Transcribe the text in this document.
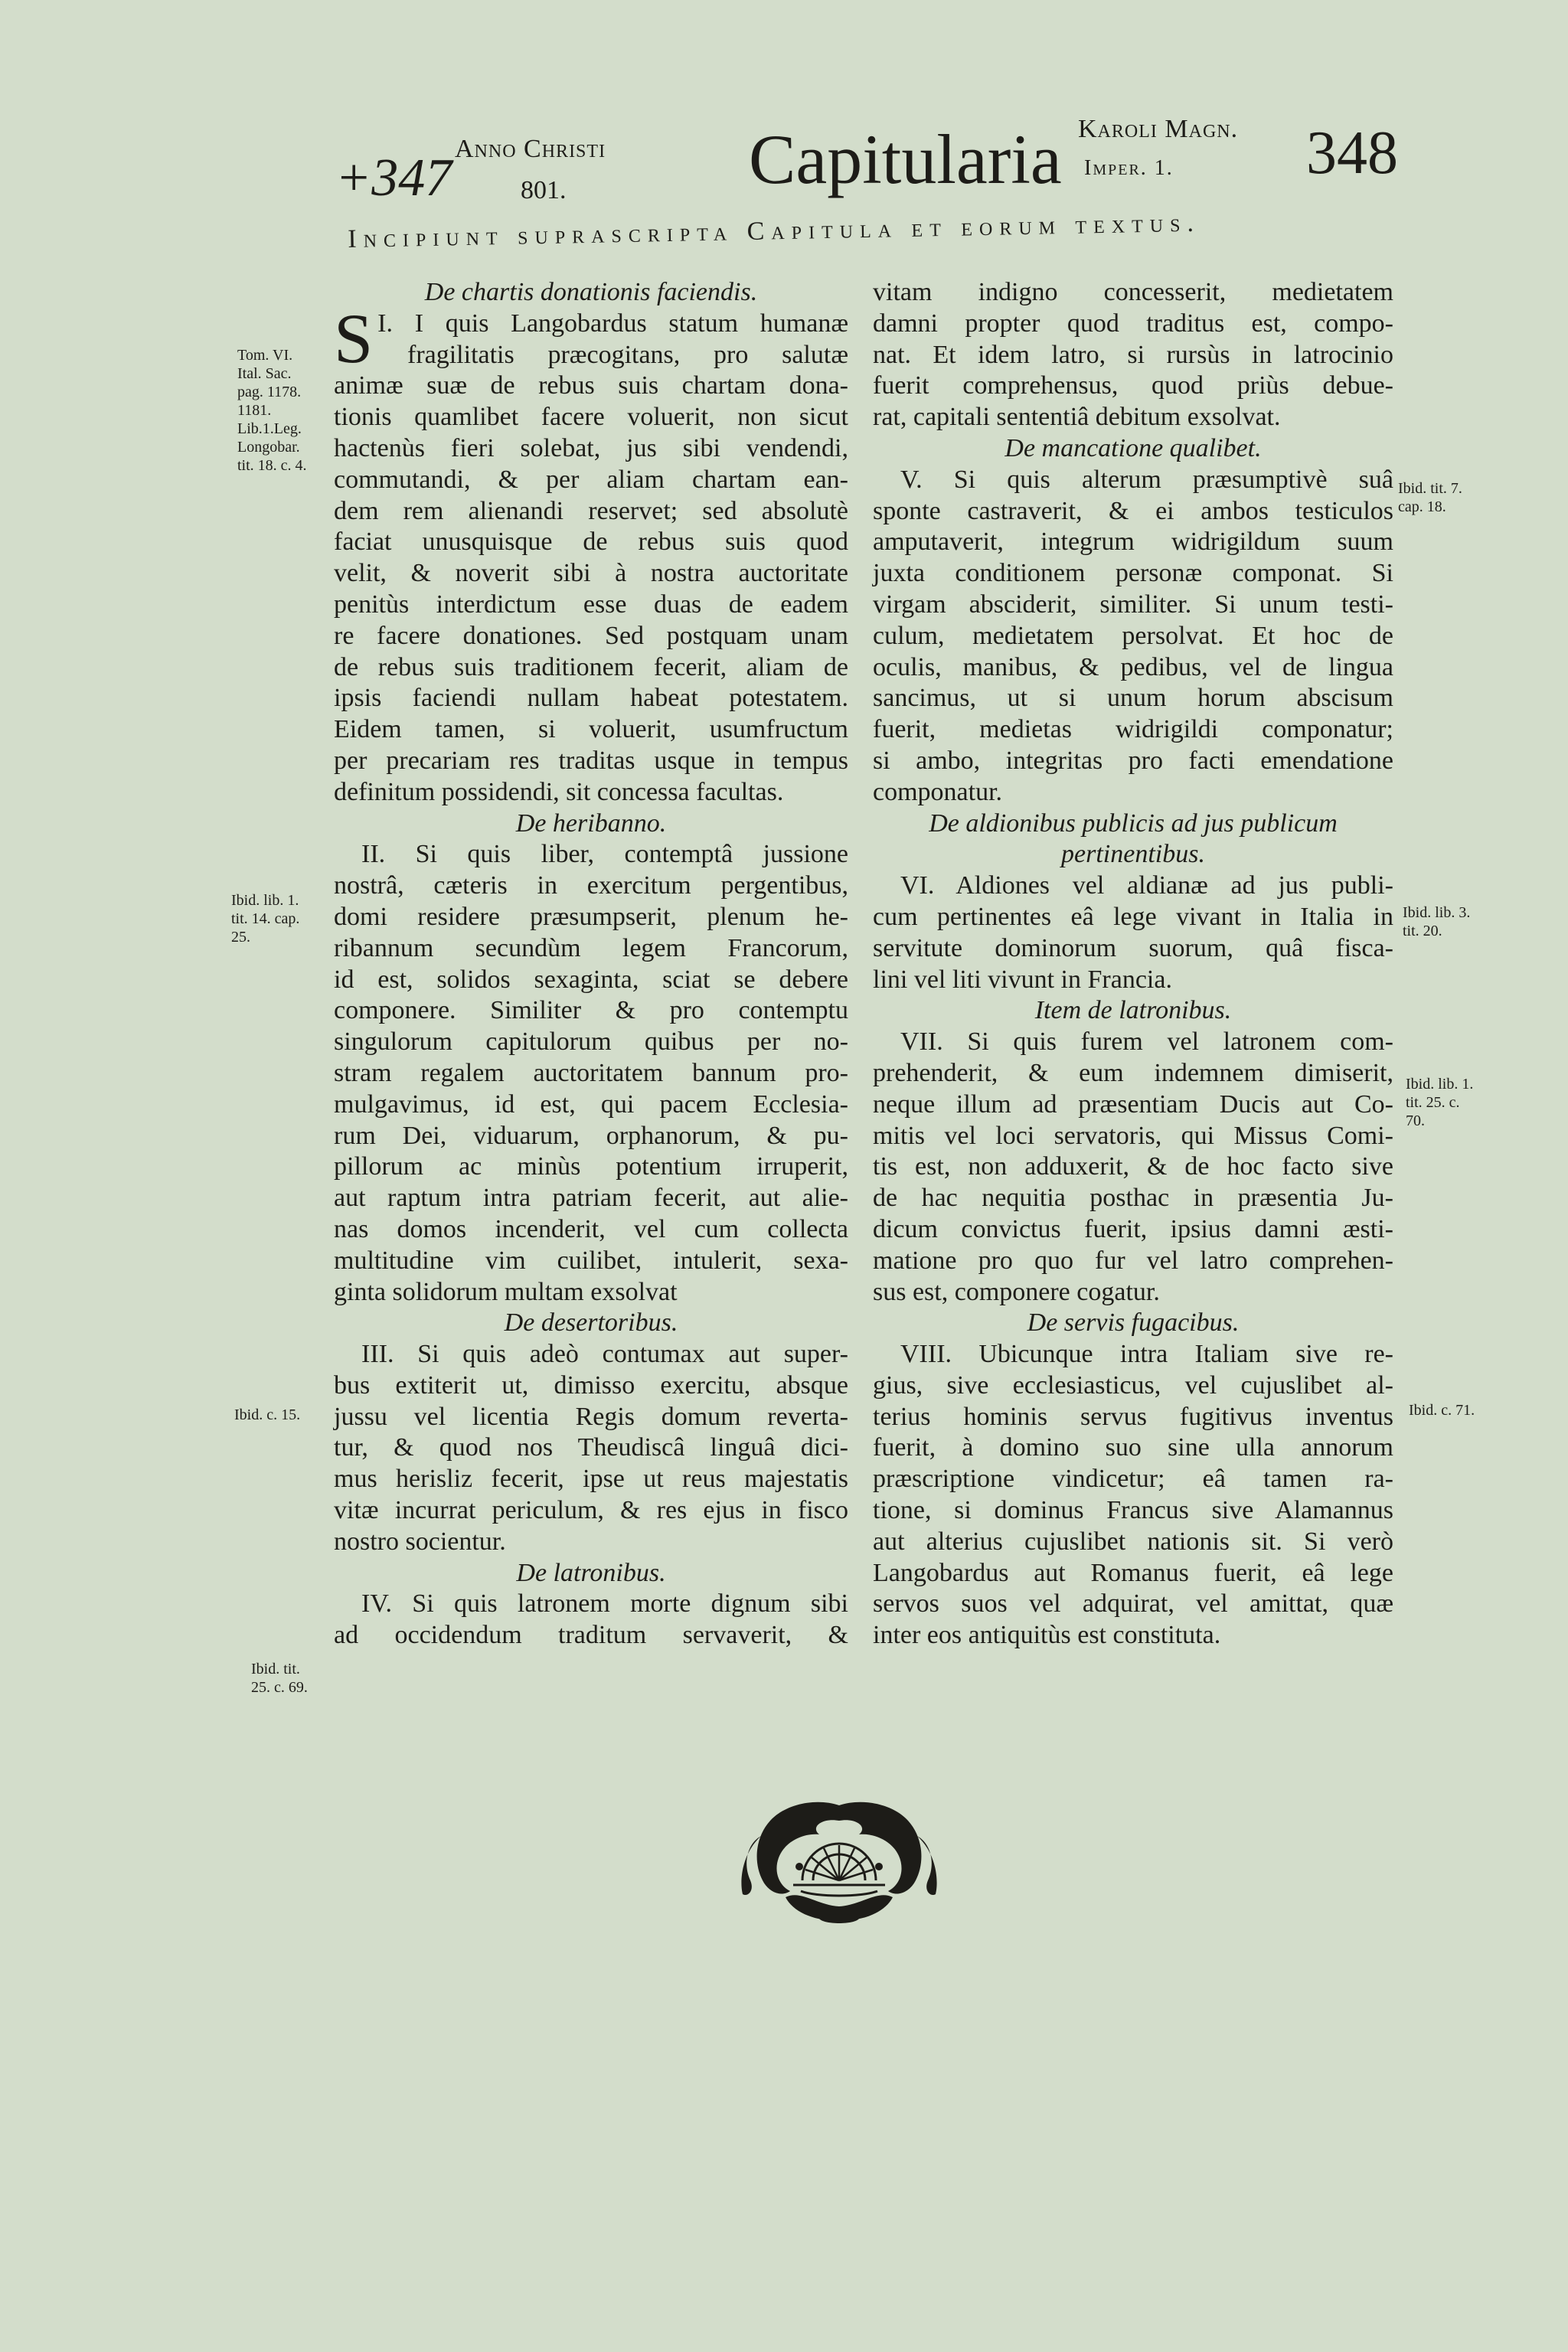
+347 Anno Christi
801.	Capitularia Karoli Magn.
Imper. 1. 348
Incipiunt suprascripta Capitula et eorum textus.
Tom. VI.
Ital. Sac.
pag. 1178.
1181.
Lib.1.Leg.
Longobar.
tit. 18. c. 4.
Ibid. lib. 1.
tit. 14. cap.
25.
Ibid. c. 15.
Ibid. tit.
25. c. 69.
Ibid. tit. 7.
cap. 18.
Ibid. lib. 3.
tit. 20.
Ibid. lib. 1.
tit. 25. c.
70.
Ibid. c. 71.

De chartis donationis faciendis.

I.
S I quis Langobardus statum humanæ
fragilitatis præcogitans, pro salutæ
animæ suæ de rebus suis chartam dona-
tionis quamlibet facere voluerit, non sicut
hactenùs fieri solebat, jus sibi vendendi,
commutandi, & per aliam chartam ean-
dem rem alienandi reservet; sed absolutè
faciat unusquisque de rebus suis quod
velit, & noverit sibi à nostra auctoritate
penitùs interdictum esse duas de eadem
re facere donationes. Sed postquam unam
de rebus suis traditionem fecerit, aliam de
ipsis faciendi nullam habeat potestatem.
Eidem tamen, si voluerit, usumfructum
per precariam res traditas usque in tempus
definitum possidendi, sit concessa facultas.

De heribanno.

II. Si quis liber, contemptâ jussione
nostrâ, cæteris in exercitum pergentibus,
domi residere præsumpserit, plenum he-
ribannum secundùm legem Francorum,
id est, solidos sexaginta, sciat se debere
componere. Similiter & pro contemptu
singulorum capitulorum quibus per no-
stram regalem auctoritatem bannum pro-
mulgavimus, id est, qui pacem Ecclesia-
rum Dei, viduarum, orphanorum, & pu-
pillorum ac minùs potentium irruperit,
aut raptum intra patriam fecerit, aut alie-
nas domos incenderit, vel cum collecta
multitudine vim cuilibet, intulerit, sexa-
ginta solidorum multam exsolvat

De desertoribus.

III. Si quis adeò contumax aut super-
bus extiterit ut, dimisso exercitu, absque
jussu vel licentia Regis domum reverta-
tur, & quod nos Theudiscâ linguâ dici-
mus herisliz fecerit, ipse ut reus majestatis
vitæ incurrat periculum, & res ejus in fisco
nostro socientur.

De latronibus.

IV. Si quis latronem morte dignum sibi
ad occidendum traditum servaverit, &
vitam indigno concesserit, medietatem
damni propter quod traditus est, compo-
nat. Et idem latro, si rursùs in latrocinio
fuerit comprehensus, quod priùs debue-
rat, capitali sententiâ debitum exsolvat.

De mancatione qualibet.

V. Si quis alterum præsumptivè suâ
sponte castraverit, & ei ambos testiculos
amputaverit, integrum widrigildum suum
juxta conditionem personæ componat. Si
virgam absciderit, similiter. Si unum testi-
culum, medietatem persolvat. Et hoc de
oculis, manibus, & pedibus, vel de lingua
sancimus, ut si unum horum abscisum
fuerit, medietas widrigildi componatur;
si ambo, integritas pro facti emendatione
componatur.
De aldionibus publicis ad jus publicum
pertinentibus.
VI. Aldiones vel aldianæ ad jus publi-
cum pertinentes eâ lege vivant in Italia in
servitute dominorum suorum, quâ fisca-
lini vel liti vivunt in Francia.

Item de latronibus.

VII. Si quis furem vel latronem com-
prehenderit, & eum indemnem dimiserit,
neque illum ad præsentiam Ducis aut Co-
mitis vel loci servatoris, qui Missus Comi-
tis est, non adduxerit, & de hoc facto sive
de hac nequitia posthac in præsentia Ju-
dicum convictus fuerit, ipsius damni æsti-
matione pro quo fur vel latro comprehen-
sus est, componere cogatur.

De servis fugacibus.

VIII. Ubicunque intra Italiam sive re-
gius, sive ecclesiasticus, vel cujuslibet al-
terius hominis servus fugitivus inventus
fuerit, à domino suo sine ulla annorum
præscriptione vindicetur; eâ tamen ra-
tione, si dominus Francus sive Alamannus
aut alterius cujuslibet nationis sit. Si verò
Langobardus aut Romanus fuerit, eâ lege
servos suos vel adquirat, vel amittat, quæ
inter eos antiquitùs est constituta.
